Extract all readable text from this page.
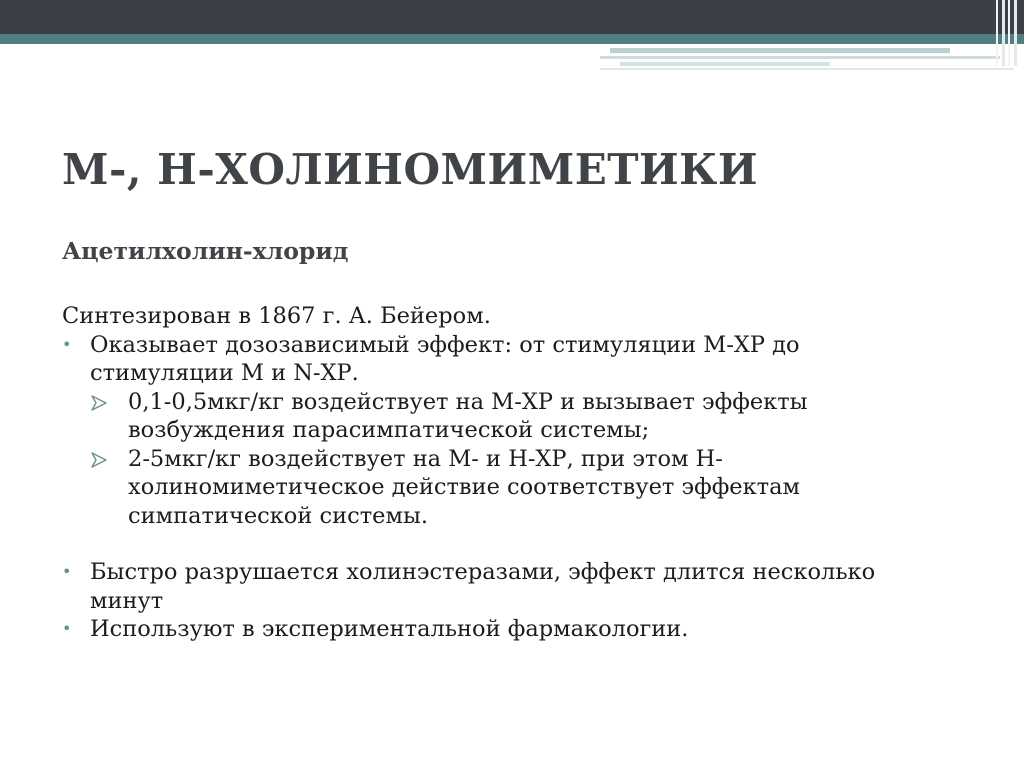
М-, Н-ХОЛИНОМИМЕТИКИ
Ацетилхолин-хлорид

Синтезирован в 1867 г. А. Бейером.

• Оказывает дозозависимый эффект: от стимуляции М-ХР до
стимуляции М и N-ХР.
0,1-0,5мкг/кг воздействует на М-ХР и вызывает эффекты
возбуждения парасимпатической системы;
2-5мкг/кг воздействует на М- и Н-ХР, при этом Н-
холиномиметическое действие соответствует эффектам
симпатической системы.
• Быстро разрушается холинэстеразами, эффект длится несколько
минут
• Используют в экспериментальной фармакологии.
